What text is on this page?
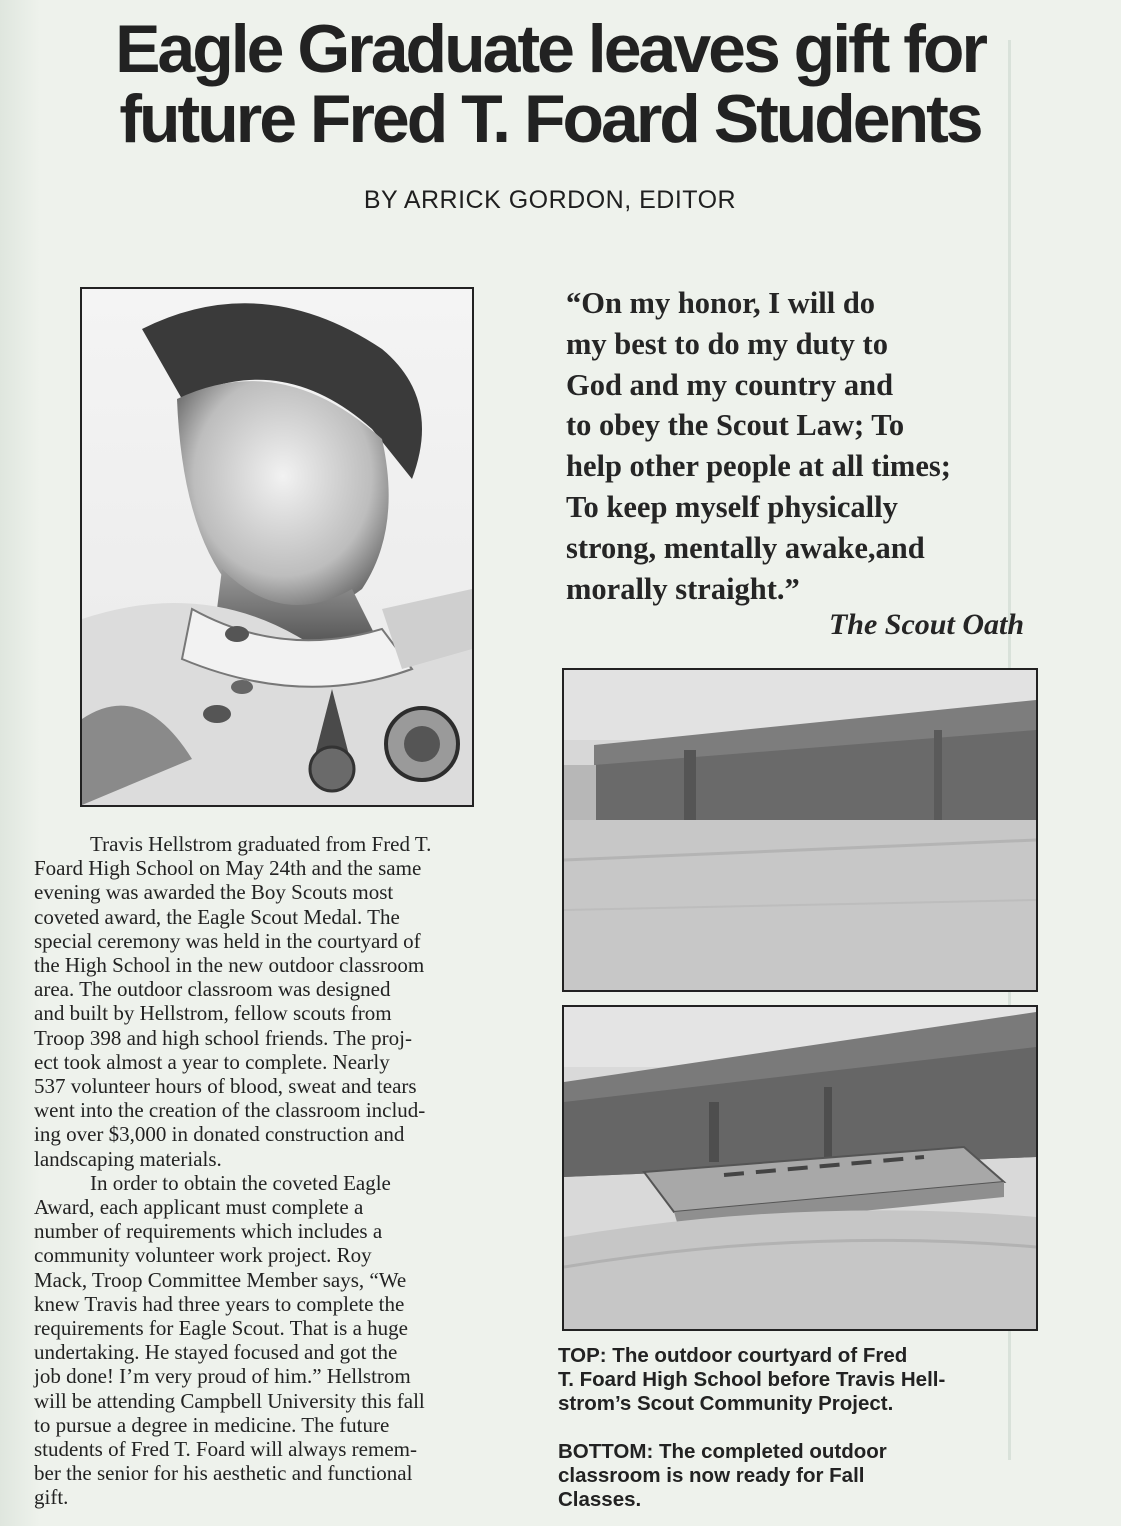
Eagle Graduate leaves gift for
future Fred T. Foard Students
BY ARRICK GORDON, EDITOR
“On my honor, I will do
my best to do my duty to
God and my country and
to obey the Scout Law; To
help other people at all times;
To keep myself physically
strong, mentally awake,and
morally straight.”
The Scout Oath
Travis Hellstrom graduated from Fred T.
Foard High School on May 24th and the same
evening was awarded the Boy Scouts most
coveted award, the Eagle Scout Medal. The
special ceremony was held in the courtyard of
the High School in the new outdoor classroom
area. The outdoor classroom was designed
and built by Hellstrom, fellow scouts from
Troop 398 and high school friends. The proj-
ect took almost a year to complete. Nearly
537 volunteer hours of blood, sweat and tears
went into the creation of the classroom includ-
ing over $3,000 in donated construction and
landscaping materials.
In order to obtain the coveted Eagle
Award, each applicant must complete a
number of requirements which includes a
community volunteer work project. Roy
Mack, Troop Committee Member says, “We
knew Travis had three years to complete the
requirements for Eagle Scout. That is a huge
undertaking. He stayed focused and got the
job done! I’m very proud of him.” Hellstrom
will be attending Campbell University this fall
to pursue a degree in medicine. The future
students of Fred T. Foard will always remem-
ber the senior for his aesthetic and functional
gift.
TOP: The outdoor courtyard of Fred
T. Foard High School before Travis Hell-
strom’s Scout Community Project.
BOTTOM: The completed outdoor
classroom is now ready for Fall
Classes.
